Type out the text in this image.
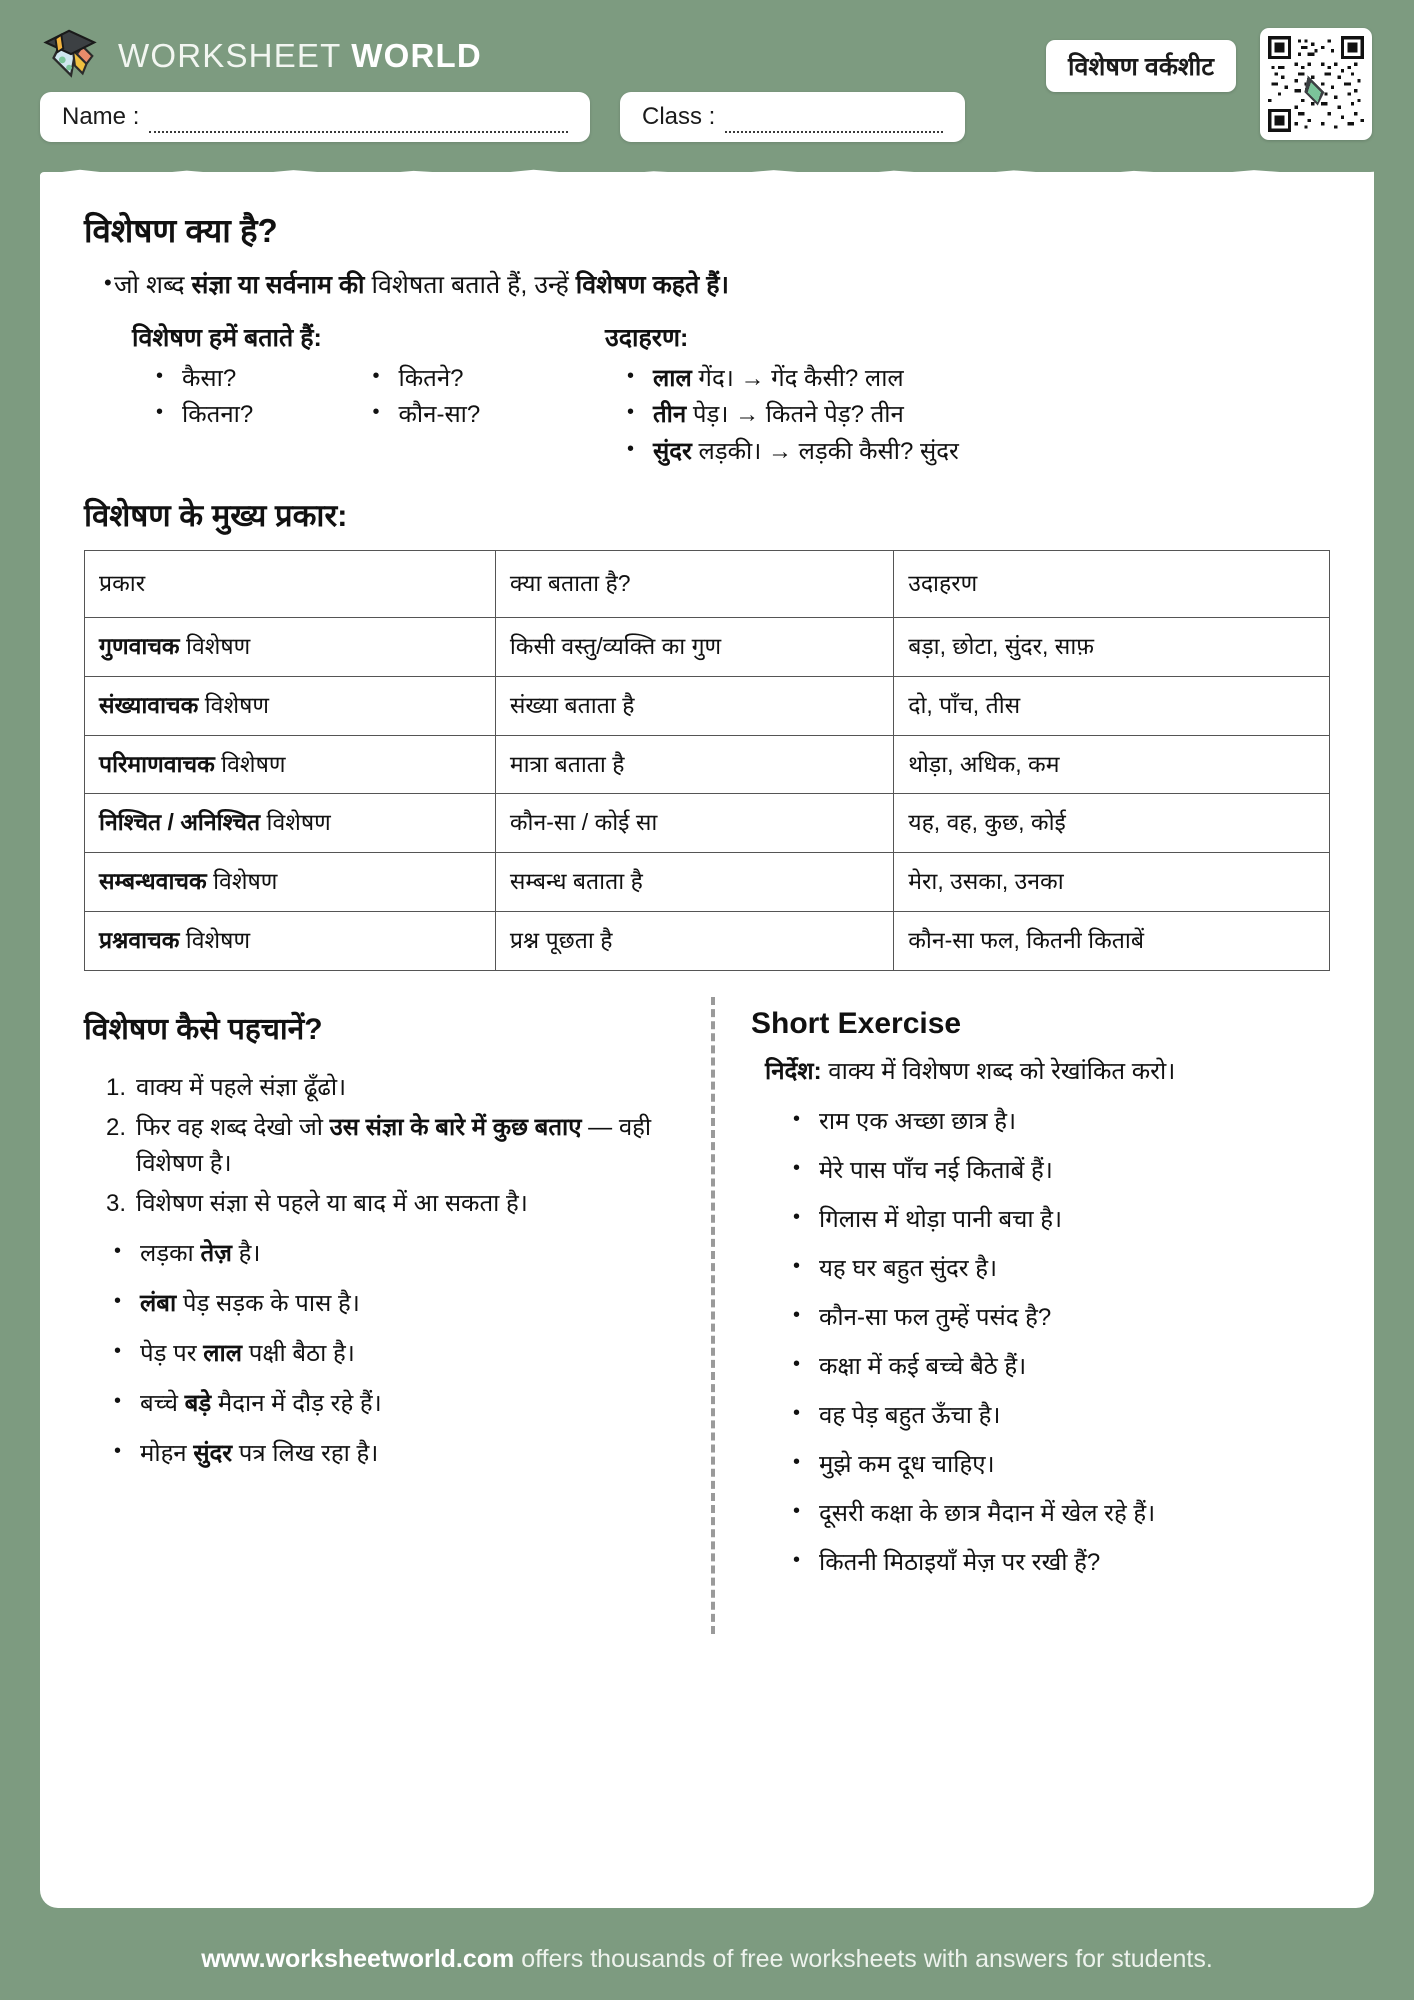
WORKSHEET WORLD	विशेषण वर्कशीट
Name :	Class :
विशेषण क्या है?
• जो शब्द संज्ञा या सर्वनाम की विशेषता बताते हैं, उन्हें विशेषण कहते हैं।
विशेषण हमें बताते हैं:
• कैसा?
• कितना?
• कितने?
• कौन-सा?
उदाहरण:
• लाल गेंद। → गेंद कैसी? लाल
• तीन पेड़। → कितने पेड़? तीन
• सुंदर लड़की। → लड़की कैसी? सुंदर
विशेषण के मुख्य प्रकार:
प्रकार	क्या बताता है?	उदाहरण
गुणवाचक विशेषण	किसी वस्तु/व्यक्ति का गुण	बड़ा, छोटा, सुंदर, साफ़
संख्यावाचक विशेषण	संख्या बताता है	दो, पाँच, तीस
परिमाणवाचक विशेषण	मात्रा बताता है	थोड़ा, अधिक, कम
निश्चित / अनिश्चित विशेषण	कौन-सा / कोई सा	यह, वह, कुछ, कोई
सम्बन्धवाचक विशेषण	सम्बन्ध बताता है	मेरा, उसका, उनका
प्रश्नवाचक विशेषण	प्रश्न पूछता है	कौन-सा फल, कितनी किताबें
विशेषण कैसे पहचानें?
वाक्य में पहले संज्ञा ढूँढो।
फिर वह शब्द देखो जो उस संज्ञा के बारे में कुछ बताए — वही विशेषण है।
विशेषण संज्ञा से पहले या बाद में आ सकता है।
• लड़का तेज़ है।
• लंबा पेड़ सड़क के पास है।
• पेड़ पर लाल पक्षी बैठा है।
• बच्चे बड़े मैदान में दौड़ रहे हैं।
• मोहन सुंदर पत्र लिख रहा है।
Short Exercise
निर्देश: वाक्य में विशेषण शब्द को रेखांकित करो।
• राम एक अच्छा छात्र है।
• मेरे पास पाँच नई किताबें हैं।
• गिलास में थोड़ा पानी बचा है।
• यह घर बहुत सुंदर है।
• कौन-सा फल तुम्हें पसंद है?
• कक्षा में कई बच्चे बैठे हैं।
• वह पेड़ बहुत ऊँचा है।
• मुझे कम दूध चाहिए।
• दूसरी कक्षा के छात्र मैदान में खेल रहे हैं।
• कितनी मिठाइयाँ मेज़ पर रखी हैं?
www.worksheetworld.com offers thousands of free worksheets with answers for students.
